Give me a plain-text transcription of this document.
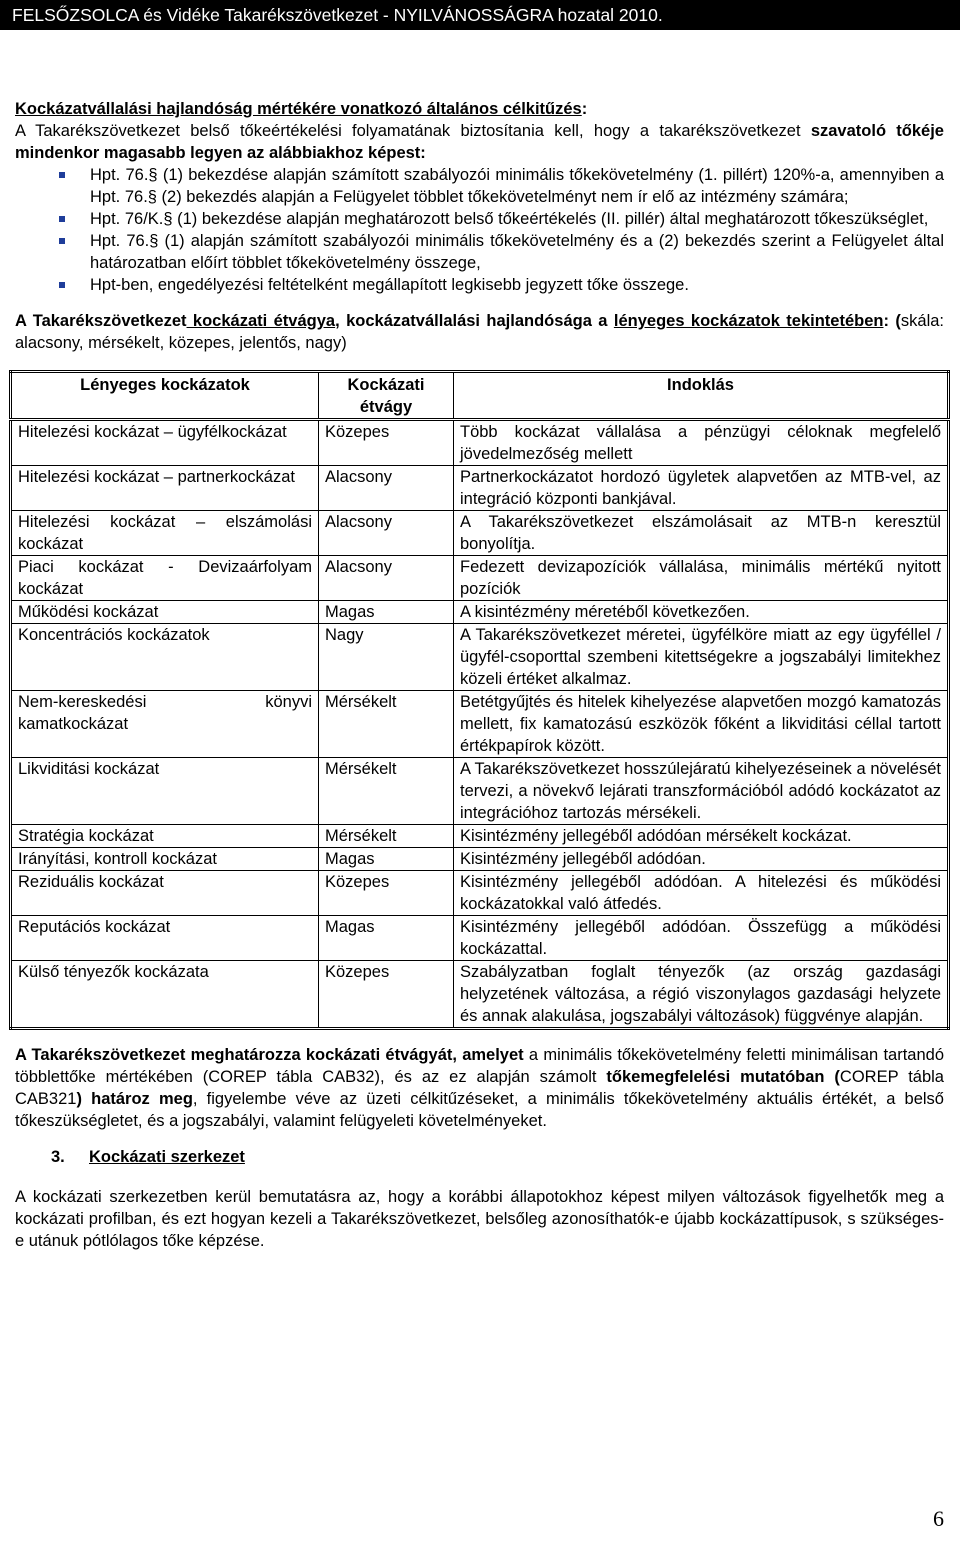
FELSŐZSOLCA és Vidéke Takarékszövetkezet - NYILVÁNOSSÁGRA hozatal 2010.

Kockázatvállalási hajlandóság mértékére vonatkozó általános célkitűzés:

A Takarékszövetkezet belső tőkeértékelési folyamatának biztosítania kell, hogy a takarékszövetkezet szavatoló tőkéje mindenkor magasabb legyen az alábbiakhoz képest:

Hpt. 76.§ (1) bekezdése alapján számított szabályozói minimális tőkekövetelmény (1. pillért) 120%-a, amennyiben a Hpt. 76.§ (2) bekezdés alapján a Felügyelet többlet tőkekövetelményt nem ír elő az intézmény számára;
Hpt. 76/K.§ (1) bekezdése alapján meghatározott belső tőkeértékelés (II. pillér) által meghatározott tőkeszükséglet,
Hpt. 76.§ (1) alapján számított szabályozói minimális tőkekövetelmény és a (2) bekezdés szerint a Felügyelet által határozatban előírt többlet tőkekövetelmény összege,
Hpt-ben, engedélyezési feltételként megállapított legkisebb jegyzett tőke összege.

A Takarékszövetkezet kockázati étvágya, kockázatvállalási hajlandósága a lényeges kockázatok tekintetében: (skála: alacsony, mérsékelt, közepes, jelentős, nagy)

Lényeges kockázatok	Kockázati étvágy	Indoklás
Hitelezési kockázat – ügyfélkockázat	Közepes	Több kockázat vállalása a pénzügyi céloknak megfelelő jövedelmezőség mellett
Hitelezési kockázat – partnerkockázat	Alacsony	Partnerkockázatot hordozó ügyletek alapvetően az MTB-vel, az integráció központi bankjával.
Hitelezési kockázat – elszámolási kockázat	Alacsony	A Takarékszövetkezet elszámolásait az MTB-n keresztül bonyolítja.
Piaci kockázat - Devizaárfolyam kockázat	Alacsony	Fedezett devizapozíciók vállalása, minimális mértékű nyitott pozíciók
Működési kockázat	Magas	A kisintézmény méretéből következően.
Koncentrációs kockázatok	Nagy	A Takarékszövetkezet méretei, ügyfélköre miatt az egy ügyféllel / ügyfél-csoporttal szembeni kitettségekre a jogszabályi limitekhez közeli értéket alkalmaz.
Nem-kereskedési könyvi kamatkockázat	Mérsékelt	Betétgyűjtés és hitelek kihelyezése alapvetően mozgó kamatozás mellett, fix kamatozású eszközök főként a likviditási céllal tartott értékpapírok között.
Likviditási kockázat	Mérsékelt	A Takarékszövetkezet hosszúlejáratú kihelyezéseinek a növelését tervezi, a növekvő lejárati transzformációból adódó kockázatot az integrációhoz tartozás mérsékeli.
Stratégia kockázat	Mérsékelt	Kisintézmény jellegéből adódóan mérsékelt kockázat.
Irányítási, kontroll kockázat	Magas	Kisintézmény jellegéből adódóan.
Reziduális kockázat	Közepes	Kisintézmény jellegéből adódóan. A hitelezési és működési kockázatokkal való átfedés.
Reputációs kockázat	Magas	Kisintézmény jellegéből adódóan. Összefügg a működési kockázattal.
Külső tényezők kockázata	Közepes	Szabályzatban foglalt tényezők (az ország gazdasági helyzetének változása, a régió viszonylagos gazdasági helyzete és annak alakulása, jogszabályi változások) függvénye alapján.

A Takarékszövetkezet meghatározza kockázati étvágyát, amelyet a minimális tőkekövetelmény feletti minimálisan tartandó többlettőke mértékében (COREP tábla CAB32), és az ez alapján számolt tőkemegfelelési mutatóban (COREP tábla CAB321) határoz meg, figyelembe véve az üzeti célkitűzéseket, a minimális tőkekövetelmény aktuális értékét, a belső tőkeszükségletet, és a jogszabályi, valamint felügyeleti követelményeket.

3. Kockázati szerkezet

A kockázati szerkezetben kerül bemutatásra az, hogy a korábbi állapotokhoz képest milyen változások figyelhetők meg a kockázati profilban, és ezt hogyan kezeli a Takarékszövetkezet, belsőleg azonosíthatók-e újabb kockázattípusok, s szükséges-e utánuk pótlólagos tőke képzése.

6
